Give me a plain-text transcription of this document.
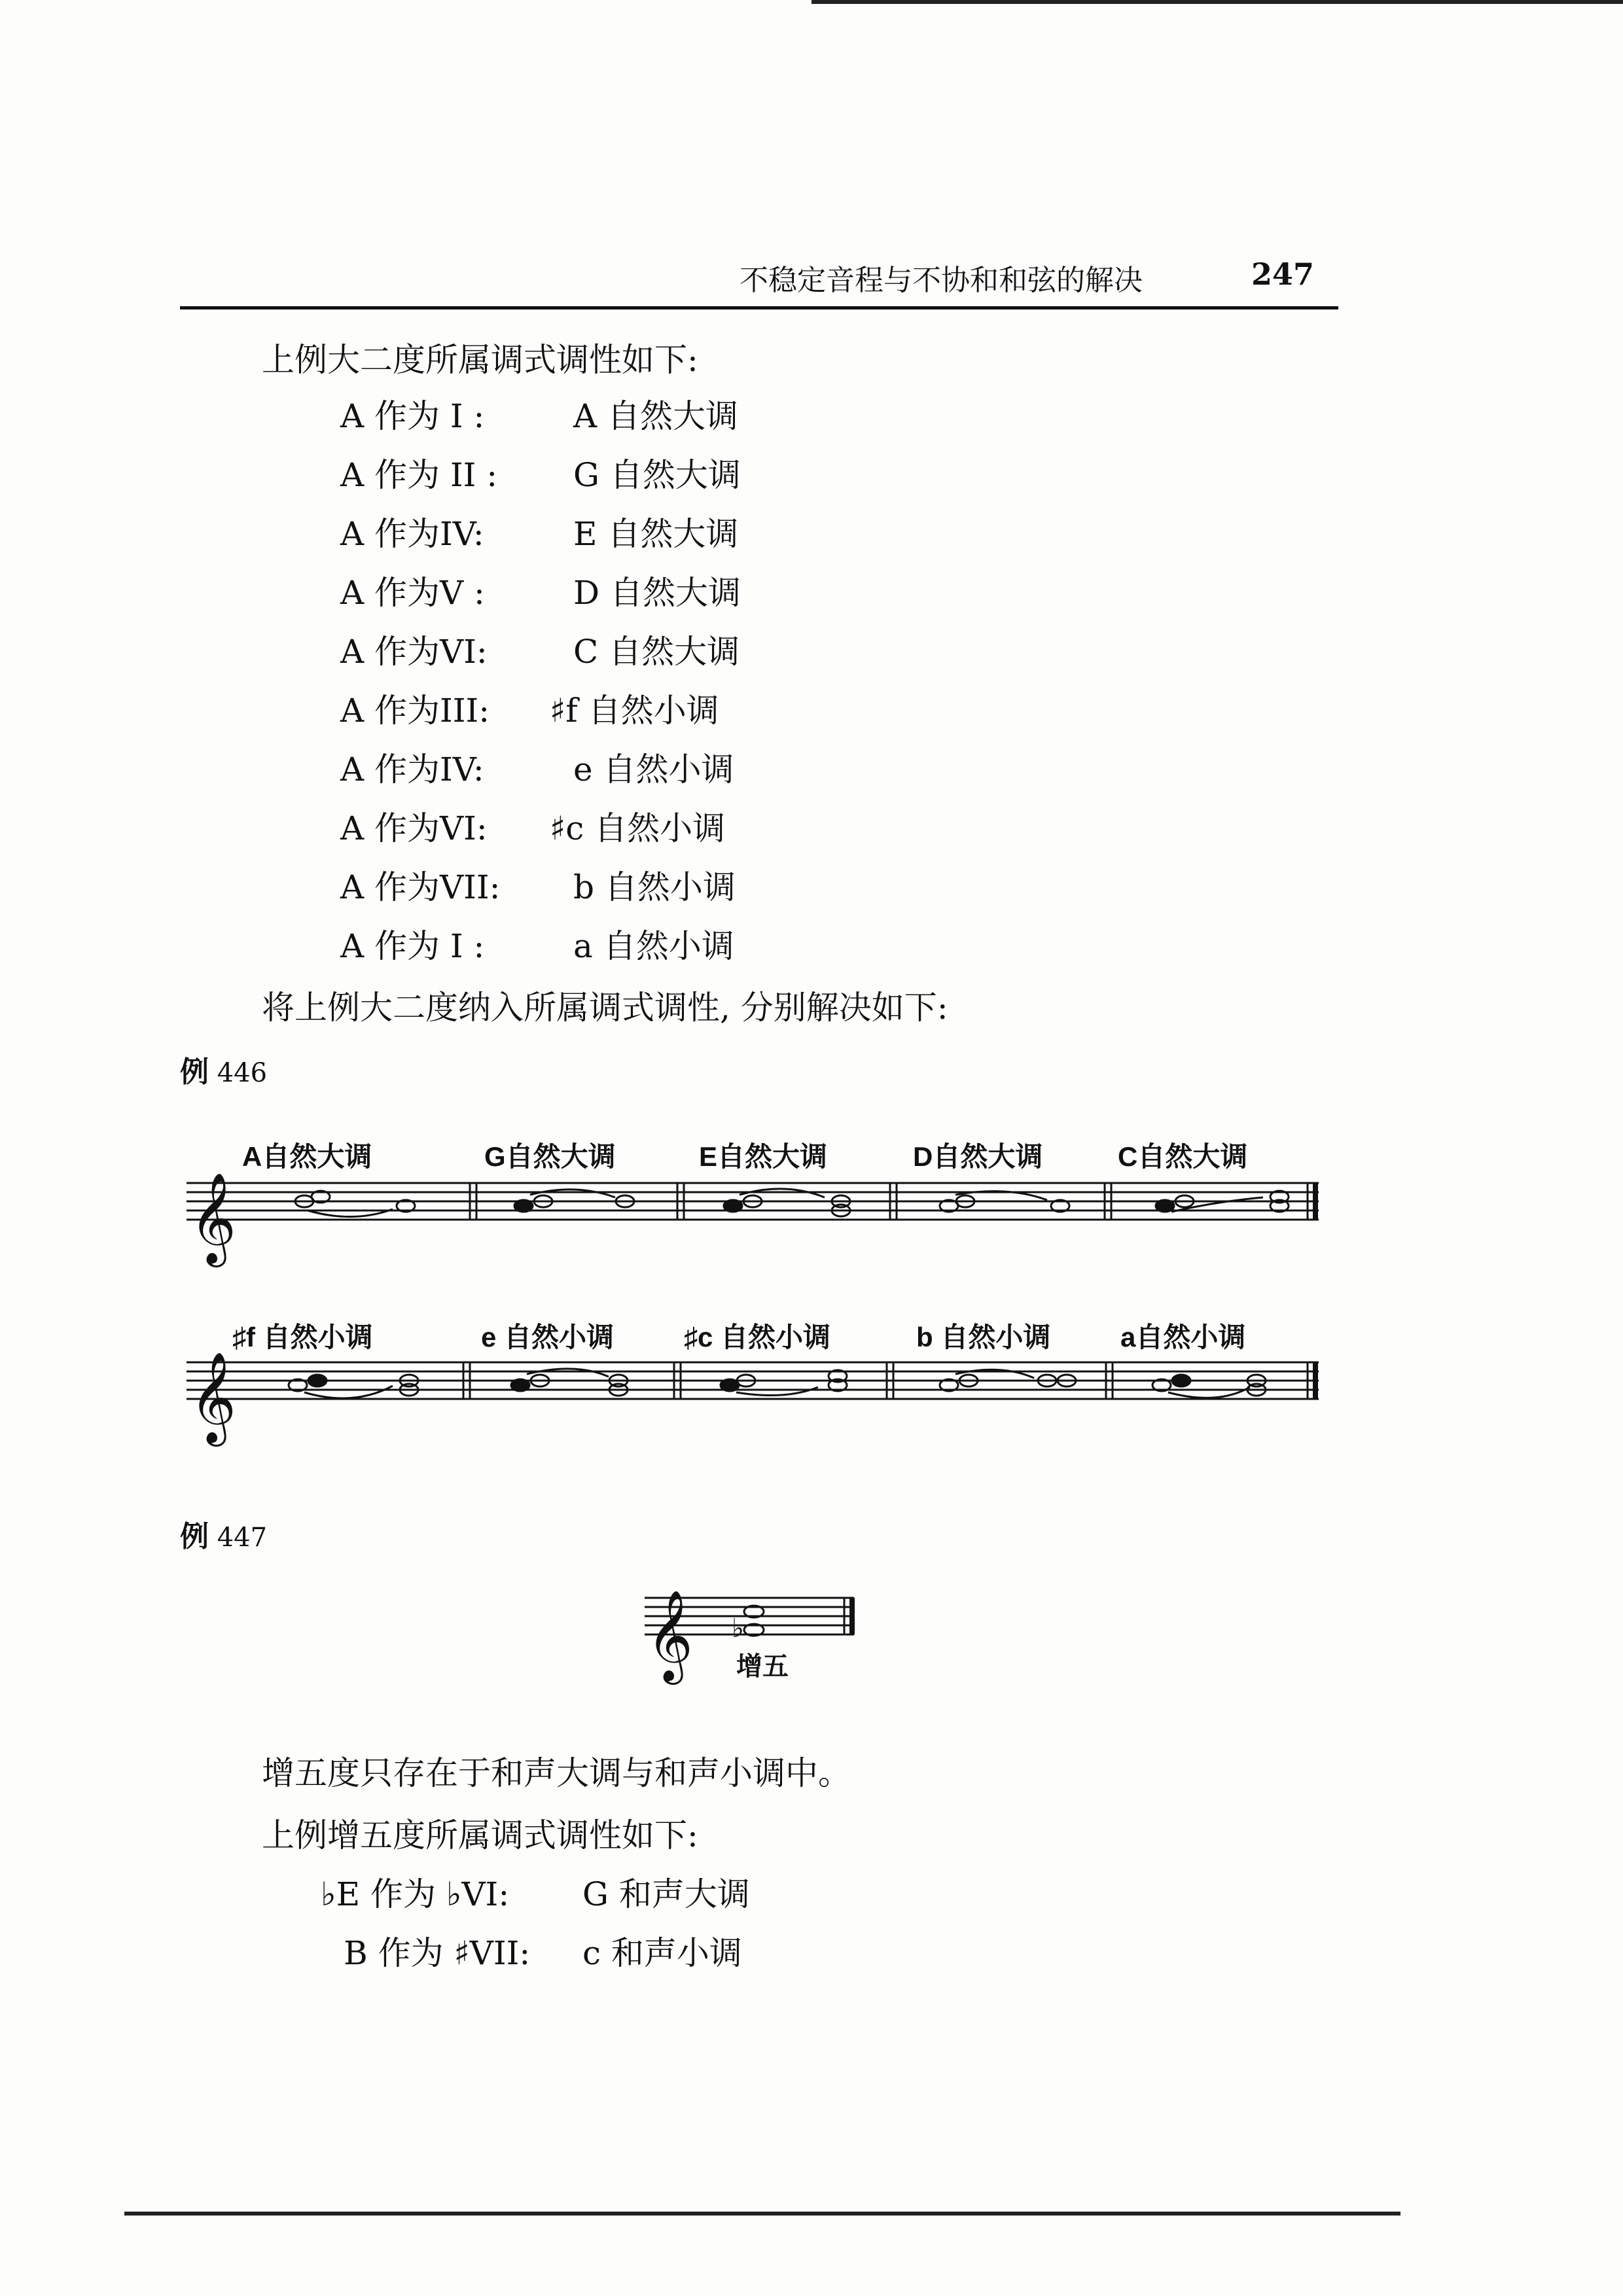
不稳定音程与不协和和弦的解决	247
上例大二度所属调式调性如下:
A 作为 I :	A 自然大调
A 作为 II : G 自然大调
A 作为IV:	E 自然大调
A 作为V :	D 自然大调
A 作为VI:	C 自然大调
A 作为III: ♯f 自然小调
A 作为IV:	e 自然小调
A 作为VI: ♯c 自然小调
A 作为VII: b 自然小调
A 作为 I :	a 自然小调
将上例大二度纳入所属调式调性, 分别解决如下:
例 446
A自然大调	G自然大调	E自然大调	D自然大调	C自然大调
♯f 自然小调	e 自然小调	♯c 自然小调	b 自然小调	a自然小调
𝄞
𝄞
♭
𝄞 增五
例 447
增五度只存在于和声大调与和声小调中。
上例增五度所属调式调性如下:
♭E 作为 ♭VI: G 和声大调
B 作为 ♯VII: c 和声小调
